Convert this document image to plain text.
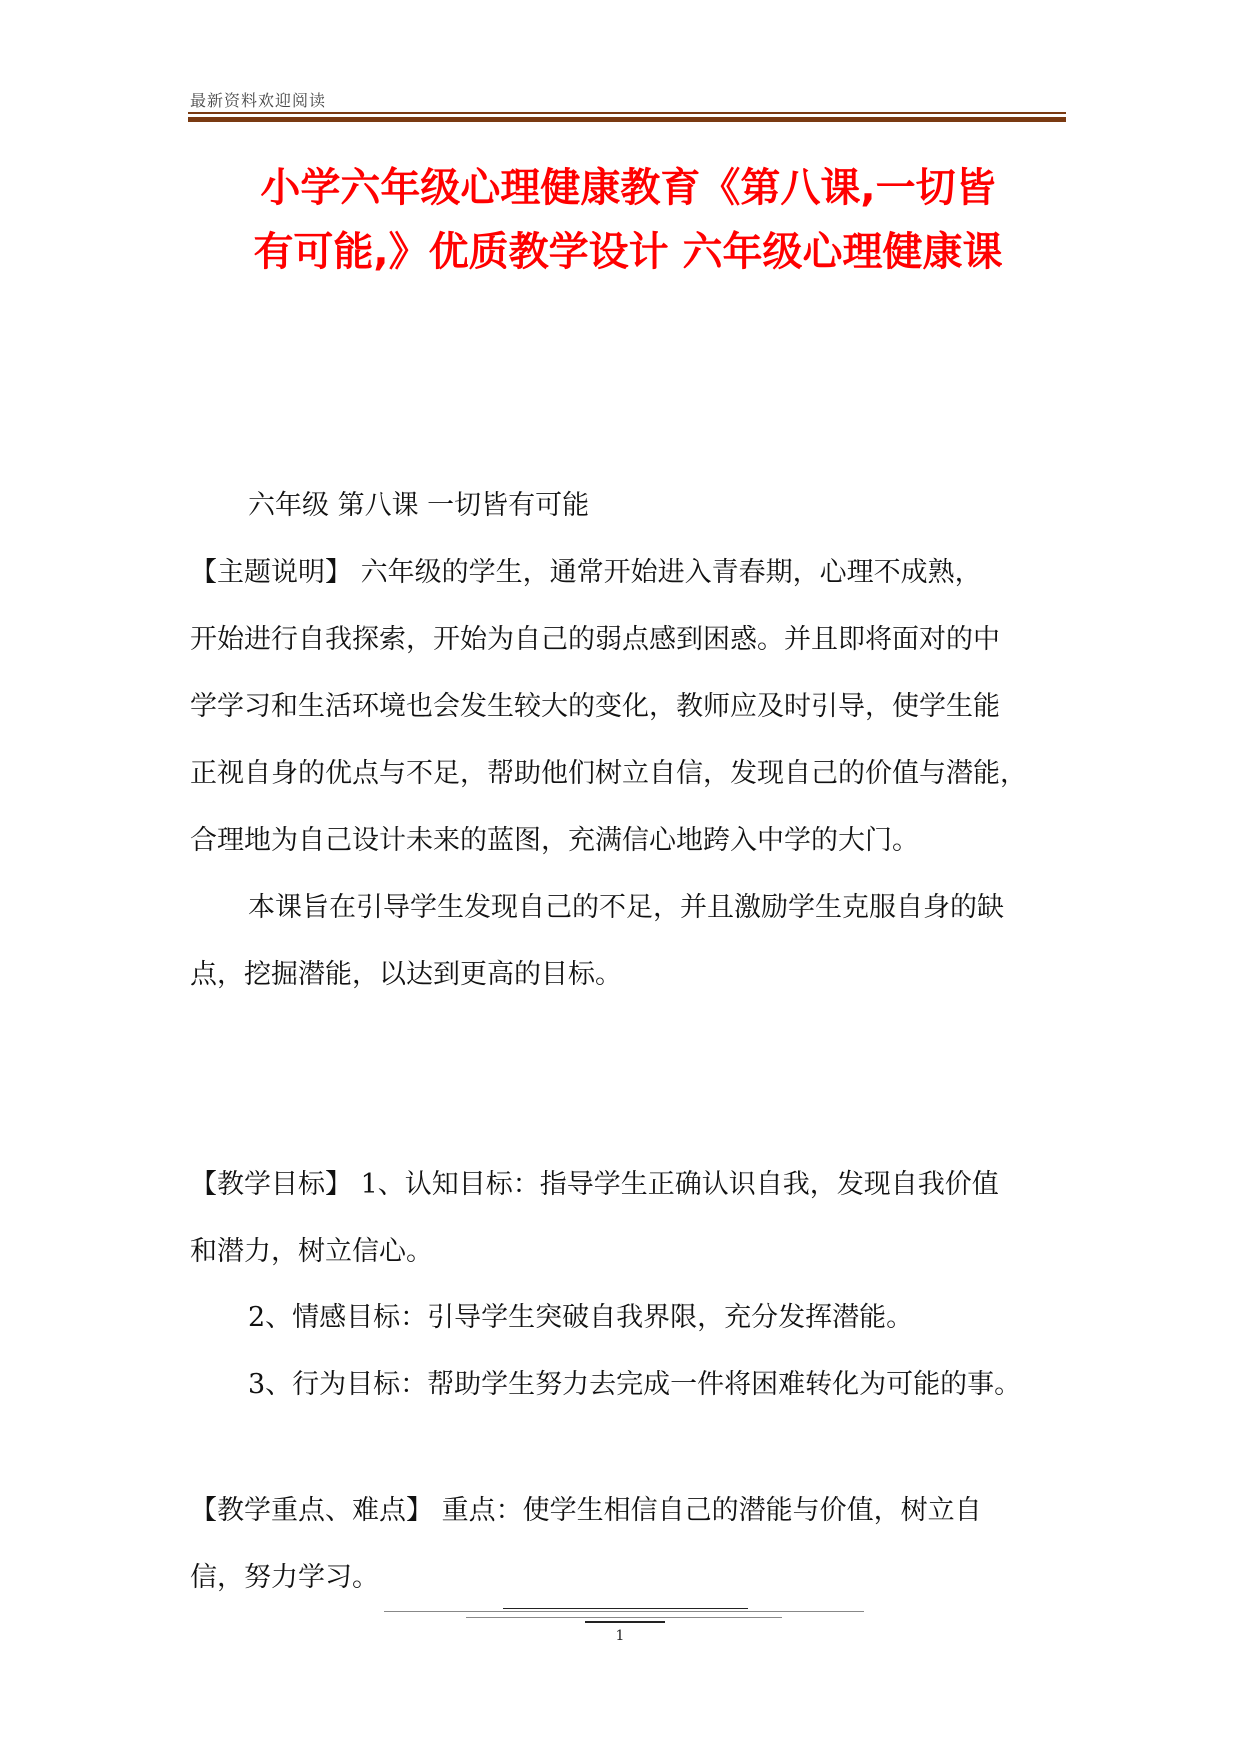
最新资料欢迎阅读
小学六年级心理健康教育《第八课,一切皆
有可能,》优质教学设计 六年级心理健康课
六年级 第八课 一切皆有可能
【主题说明】 六年级的学生，通常开始进入青春期，心理不成熟，
开始进行自我探索，开始为自己的弱点感到困惑。并且即将面对的中
学学习和生活环境也会发生较大的变化，教师应及时引导，使学生能
正视自身的优点与不足，帮助他们树立自信，发现自己的价值与潜能，
合理地为自己设计未来的蓝图，充满信心地跨入中学的大门。
本课旨在引导学生发现自己的不足，并且激励学生克服自身的缺
点，挖掘潜能，以达到更高的目标。
【教学目标】 1、认知目标：指导学生正确认识自我，发现自我价值
和潜力，树立信心。
2、情感目标：引导学生突破自我界限，充分发挥潜能。
3、行为目标：帮助学生努力去完成一件将困难转化为可能的事。
【教学重点、难点】 重点：使学生相信自己的潜能与价值，树立自
信，努力学习。
1
